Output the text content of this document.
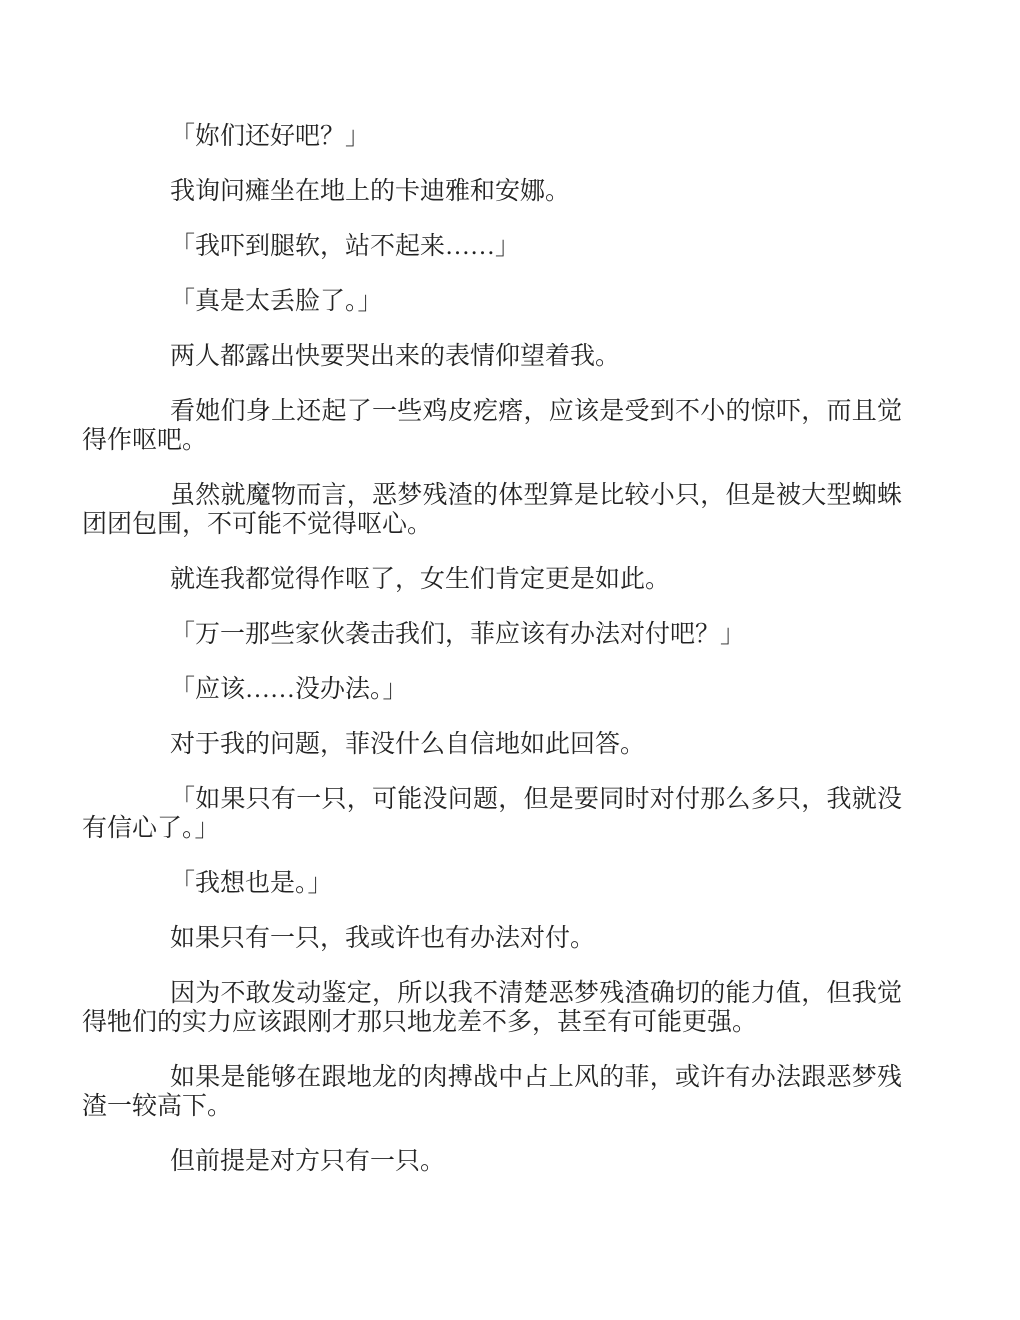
「妳们还好吧？」

我询问瘫坐在地上的卡迪雅和安娜。

「我吓到腿软，站不起来……」

「真是太丢脸了。」

两人都露出快要哭出来的表情仰望着我。

看她们身上还起了一些鸡皮疙瘩，应该是受到不小的惊吓，而且觉得作呕吧。

虽然就魔物而言，恶梦残渣的体型算是比较小只，但是被大型蜘蛛团团包围，不可能不觉得呕心。

就连我都觉得作呕了，女生们肯定更是如此。

「万一那些家伙袭击我们，菲应该有办法对付吧？」

「应该……没办法。」

对于我的问题，菲没什么自信地如此回答。

「如果只有一只，可能没问题，但是要同时对付那么多只，我就没有信心了。」

「我想也是。」

如果只有一只，我或许也有办法对付。

因为不敢发动鉴定，所以我不清楚恶梦残渣确切的能力值，但我觉得牠们的实力应该跟刚才那只地龙差不多，甚至有可能更强。

如果是能够在跟地龙的肉搏战中占上风的菲，或许有办法跟恶梦残渣一较高下。

但前提是对方只有一只。
